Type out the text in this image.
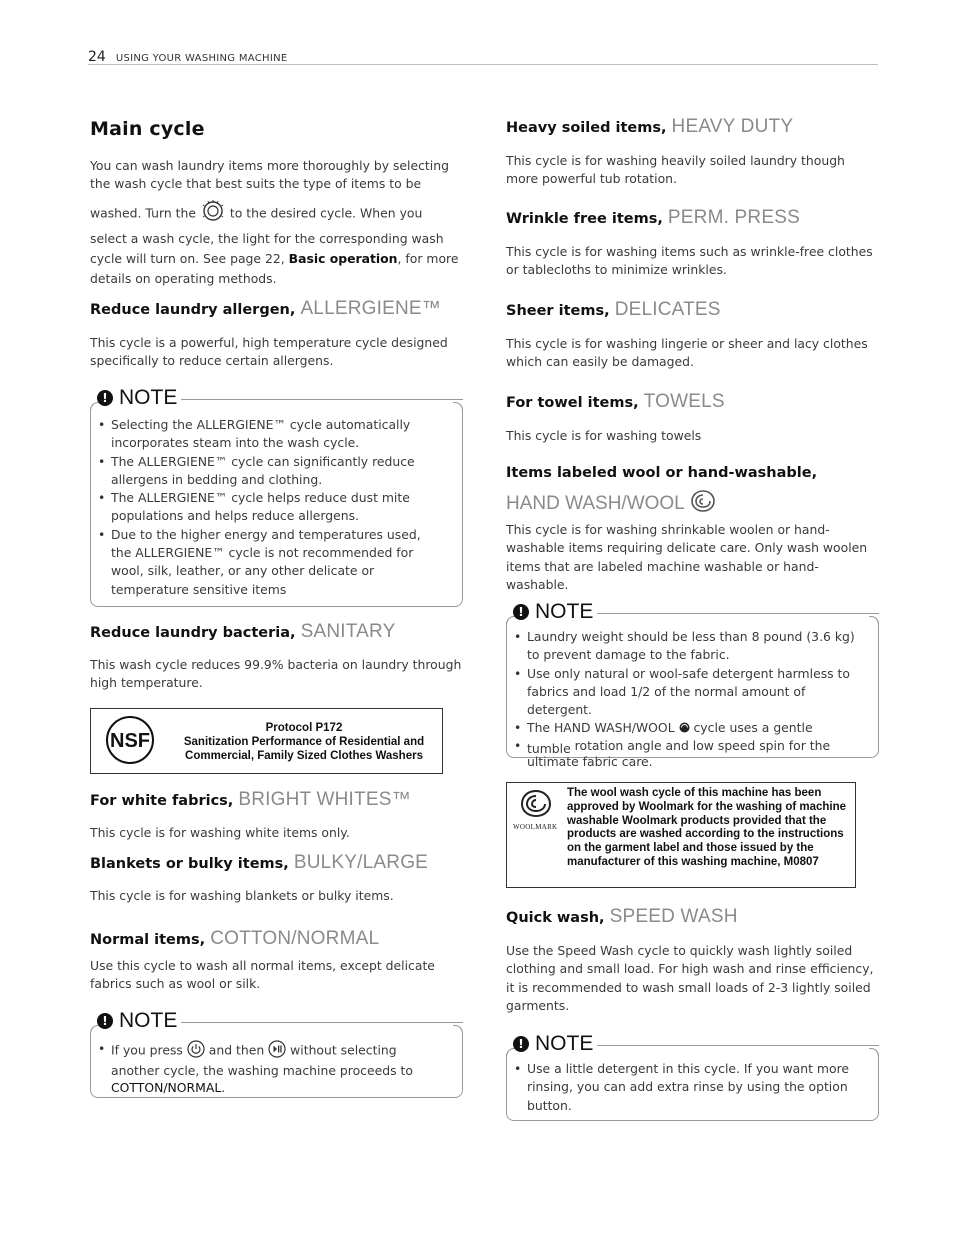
24 USING YOUR WASHING MACHINE
Main cycle

You can wash laundry items more thoroughly by selecting the wash cycle that best suits the type of items to be

washed. Turn the	to the desired cycle. When you select a wash cycle, the light for the corresponding wash cycle will turn on. See page 22, Basic operation, for more details on operating methods.

Reduce laundry allergen, ALLERGIENE™

This cycle is a powerful, high temperature cycle designed specifically to reduce certain allergens.

! NOTE
• Selecting the ALLERGIENE™ cycle automatically incorporates steam into the wash cycle.
• The ALLERGIENE™ cycle can significantly reduce allergens in bedding and clothing.
• The ALLERGIENE™ cycle helps reduce dust mite populations and helps reduce allergens.
• Due to the higher energy and temperatures used, the ALLERGIENE™ cycle is not recommended for wool, silk, leather, or any other delicate or temperature sensitive items
Reduce laundry bacteria, SANITARY

This wash cycle reduces 99.9% bacteria on laundry through high temperature.

NSF
Protocol P172
Sanitization Performance of Residential and Commercial, Family Sized Clothes Washers
For white fabrics, BRIGHT WHITES™

This cycle is for washing white items only.

Blankets or bulky items, BULKY/LARGE

This cycle is for washing blankets or bulky items.

Normal items, COTTON/NORMAL

Use this cycle to wash all normal items, except delicate fabrics such as wool or silk.

! NOTE
• If you press and then without selecting another cycle, the washing machine proceeds to COTTON/NORMAL.
Heavy soiled items, HEAVY DUTY

This cycle is for washing heavily soiled laundry though more powerful tub rotation.

Wrinkle free items, PERM. PRESS

This cycle is for washing items such as wrinkle-free clothes or tablecloths to minimize wrinkles.

Sheer items, DELICATES

This cycle is for washing lingerie or sheer and lacy clothes which can easily be damaged.

For towel items, TOWELS

This cycle is for washing towels

Items labeled wool or hand-washable,
HAND WASH/WOOL

This cycle is for washing shrinkable woolen or hand-washable items requiring delicate care. Only wash woolen items that are labeled machine washable or hand-washable.

! NOTE
• Laundry weight should be less than 8 pound (3.6 kg) to prevent damage to the fabric.
• Use only natural or wool-safe detergent harmless to fabrics and load 1/2 of the normal amount of detergent.
• The HAND WASH/WOOL cycle uses a gentle
• tumble rotation angle and low speed spin for the
ultimate fabric care.
WOOLMARK
The wool wash cycle of this machine has been approved by Woolmark for the washing of machine washable Woolmark products provided that the products are washed according to the instructions on the garment label and those issued by the manufacturer of this washing machine, M0807
Quick wash, SPEED WASH

Use the Speed Wash cycle to quickly wash lightly soiled clothing and small load. For high wash and rinse efficiency, it is recommended to wash small loads of 2-3 lightly soiled garments.

! NOTE
• Use a little detergent in this cycle. If you want more rinsing, you can add extra rinse by using the option button.
